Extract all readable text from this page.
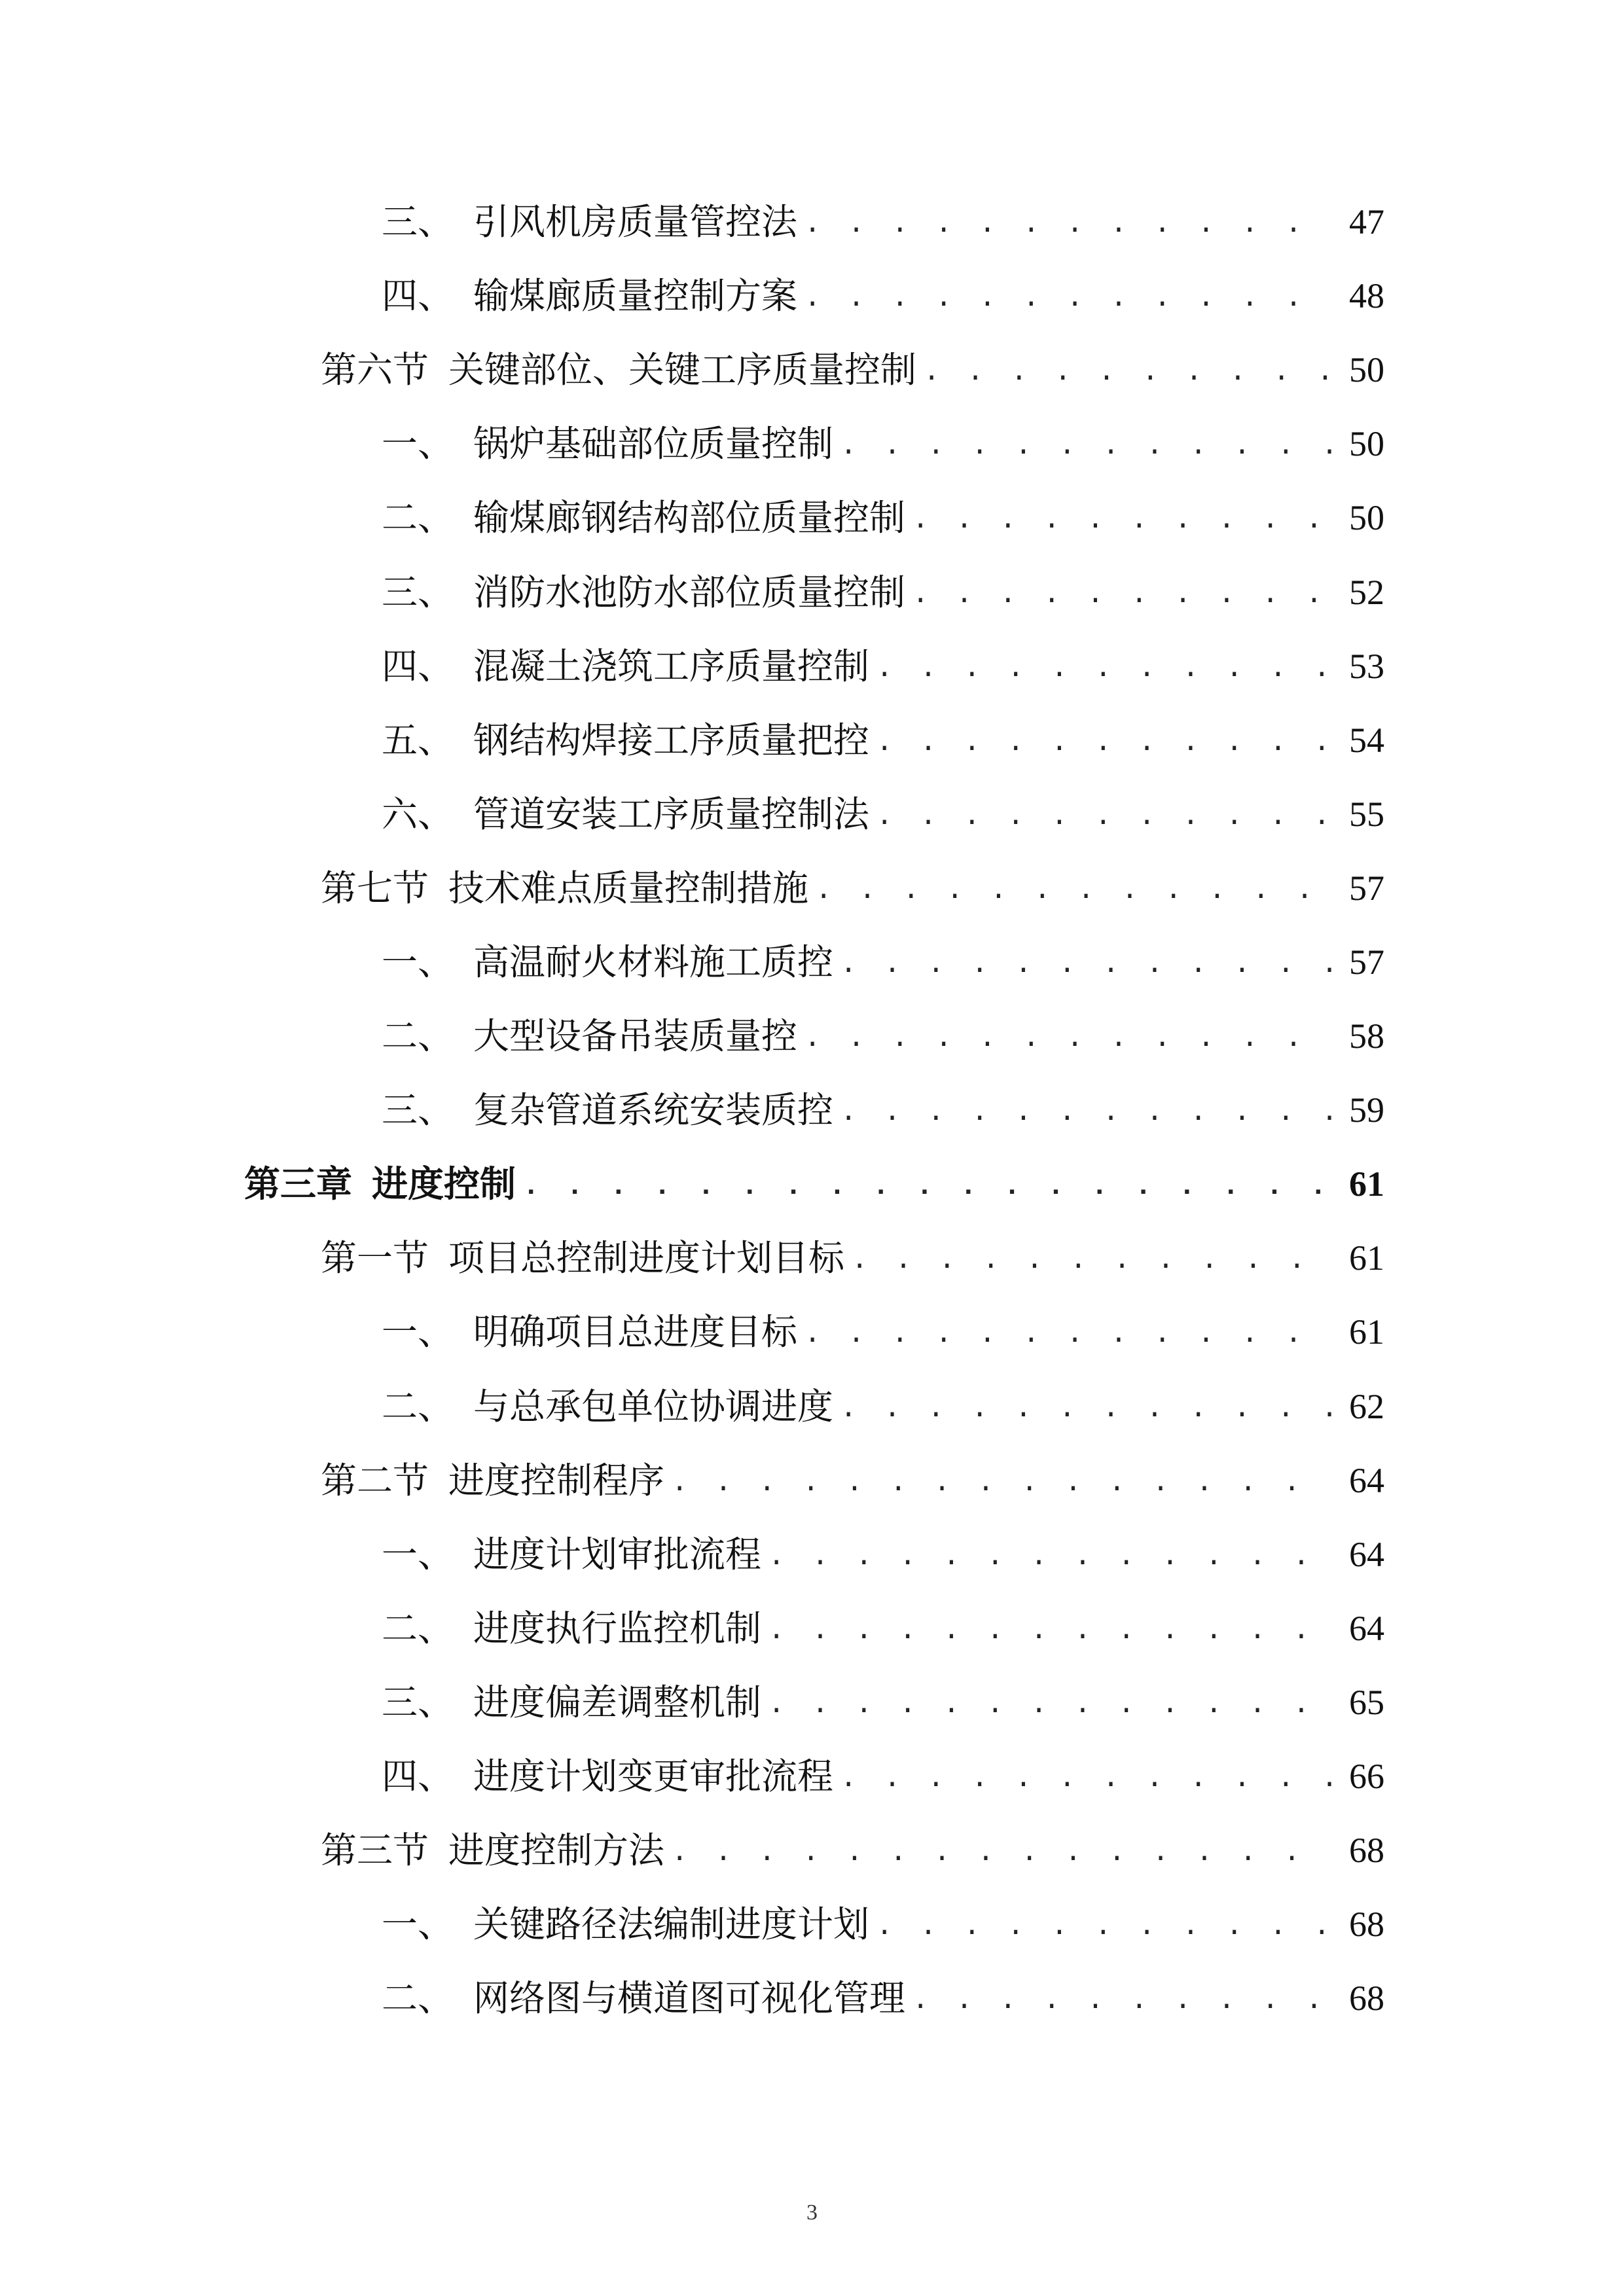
三、 引风机房质量管控法 . . .	47
四、 输煤廊质量控制方案 . . .	48
第六节 关键部位、关键工序质量控制 . . .	50
一、 锅炉基础部位质量控制 . . .	50
二、 输煤廊钢结构部位质量控制 . . .	50
三、 消防水池防水部位质量控制 . . .	52
四、 混凝土浇筑工序质量控制 . . .	53
五、 钢结构焊接工序质量把控 . . .	54
六、 管道安装工序质量控制法 . . .	55
第七节 技术难点质量控制措施 . . .	57
一、 高温耐火材料施工质控 . . .	57
二、 大型设备吊装质量控 . . .	58
三、 复杂管道系统安装质控 . . .	59
第三章 进度控制 . . .	61
第一节 项目总控制进度计划目标 . . .	61
一、 明确项目总进度目标 . . .	61
二、 与总承包单位协调进度 . . .	62
第二节 进度控制程序 . . .	64
一、 进度计划审批流程 . . .	64
二、 进度执行监控机制 . . .	64
三、 进度偏差调整机制 . . .	65
四、 进度计划变更审批流程 . . .	66
第三节 进度控制方法 . . .	68
一、 关键路径法编制进度计划 . . .	68
二、 网络图与横道图可视化管理 . . .	68
3
